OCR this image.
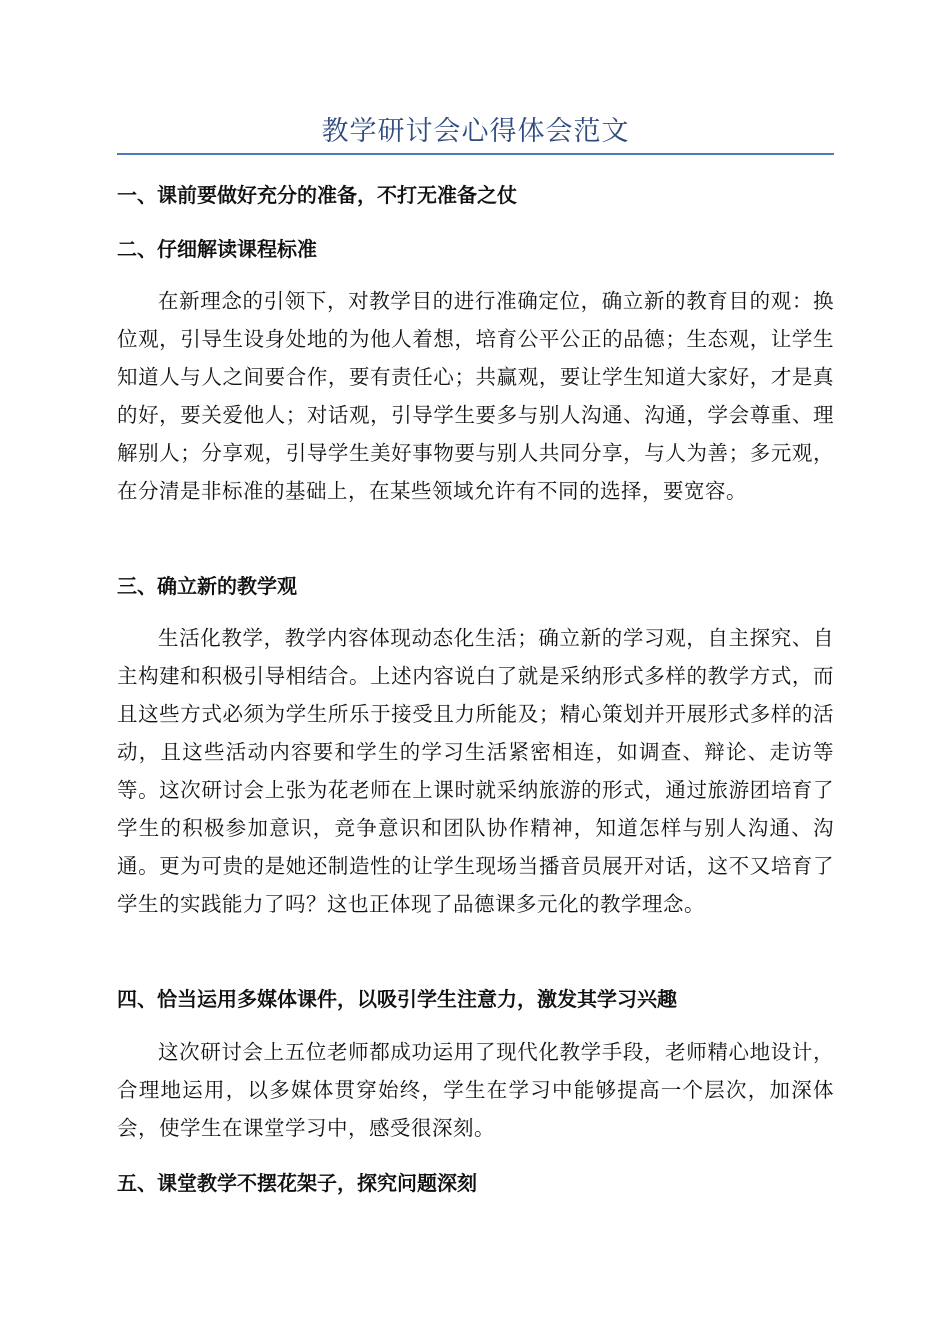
教学研讨会心得体会范文
一、课前要做好充分的准备，不打无准备之仗
二、仔细解读课程标准
在新理念的引领下，对教学目的进行准确定位，确立新的教育目的观：换位观，引导生设身处地的为他人着想，培育公平公正的品德；生态观，让学生知道人与人之间要合作，要有责任心；共赢观，要让学生知道大家好，才是真的好，要关爱他人；对话观，引导学生要多与别人沟通、沟通，学会尊重、理解别人；分享观，引导学生美好事物要与别人共同分享，与人为善；多元观，在分清是非标准的基础上，在某些领域允许有不同的选择，要宽容。
三、确立新的教学观
生活化教学，教学内容体现动态化生活；确立新的学习观，自主探究、自主构建和积极引导相结合。上述内容说白了就是采纳形式多样的教学方式，而且这些方式必须为学生所乐于接受且力所能及；精心策划并开展形式多样的活动，且这些活动内容要和学生的学习生活紧密相连，如调查、辩论、走访等等。这次研讨会上张为花老师在上课时就采纳旅游的形式，通过旅游团培育了学生的积极参加意识，竞争意识和团队协作精神，知道怎样与别人沟通、沟通。更为可贵的是她还制造性的让学生现场当播音员展开对话，这不又培育了学生的实践能力了吗？这也正体现了品德课多元化的教学理念。
四、恰当运用多媒体课件，以吸引学生注意力，激发其学习兴趣
这次研讨会上五位老师都成功运用了现代化教学手段，老师精心地设计，合理地运用，以多媒体贯穿始终，学生在学习中能够提高一个层次，加深体会，使学生在课堂学习中，感受很深刻。
五、课堂教学不摆花架子，探究问题深刻
